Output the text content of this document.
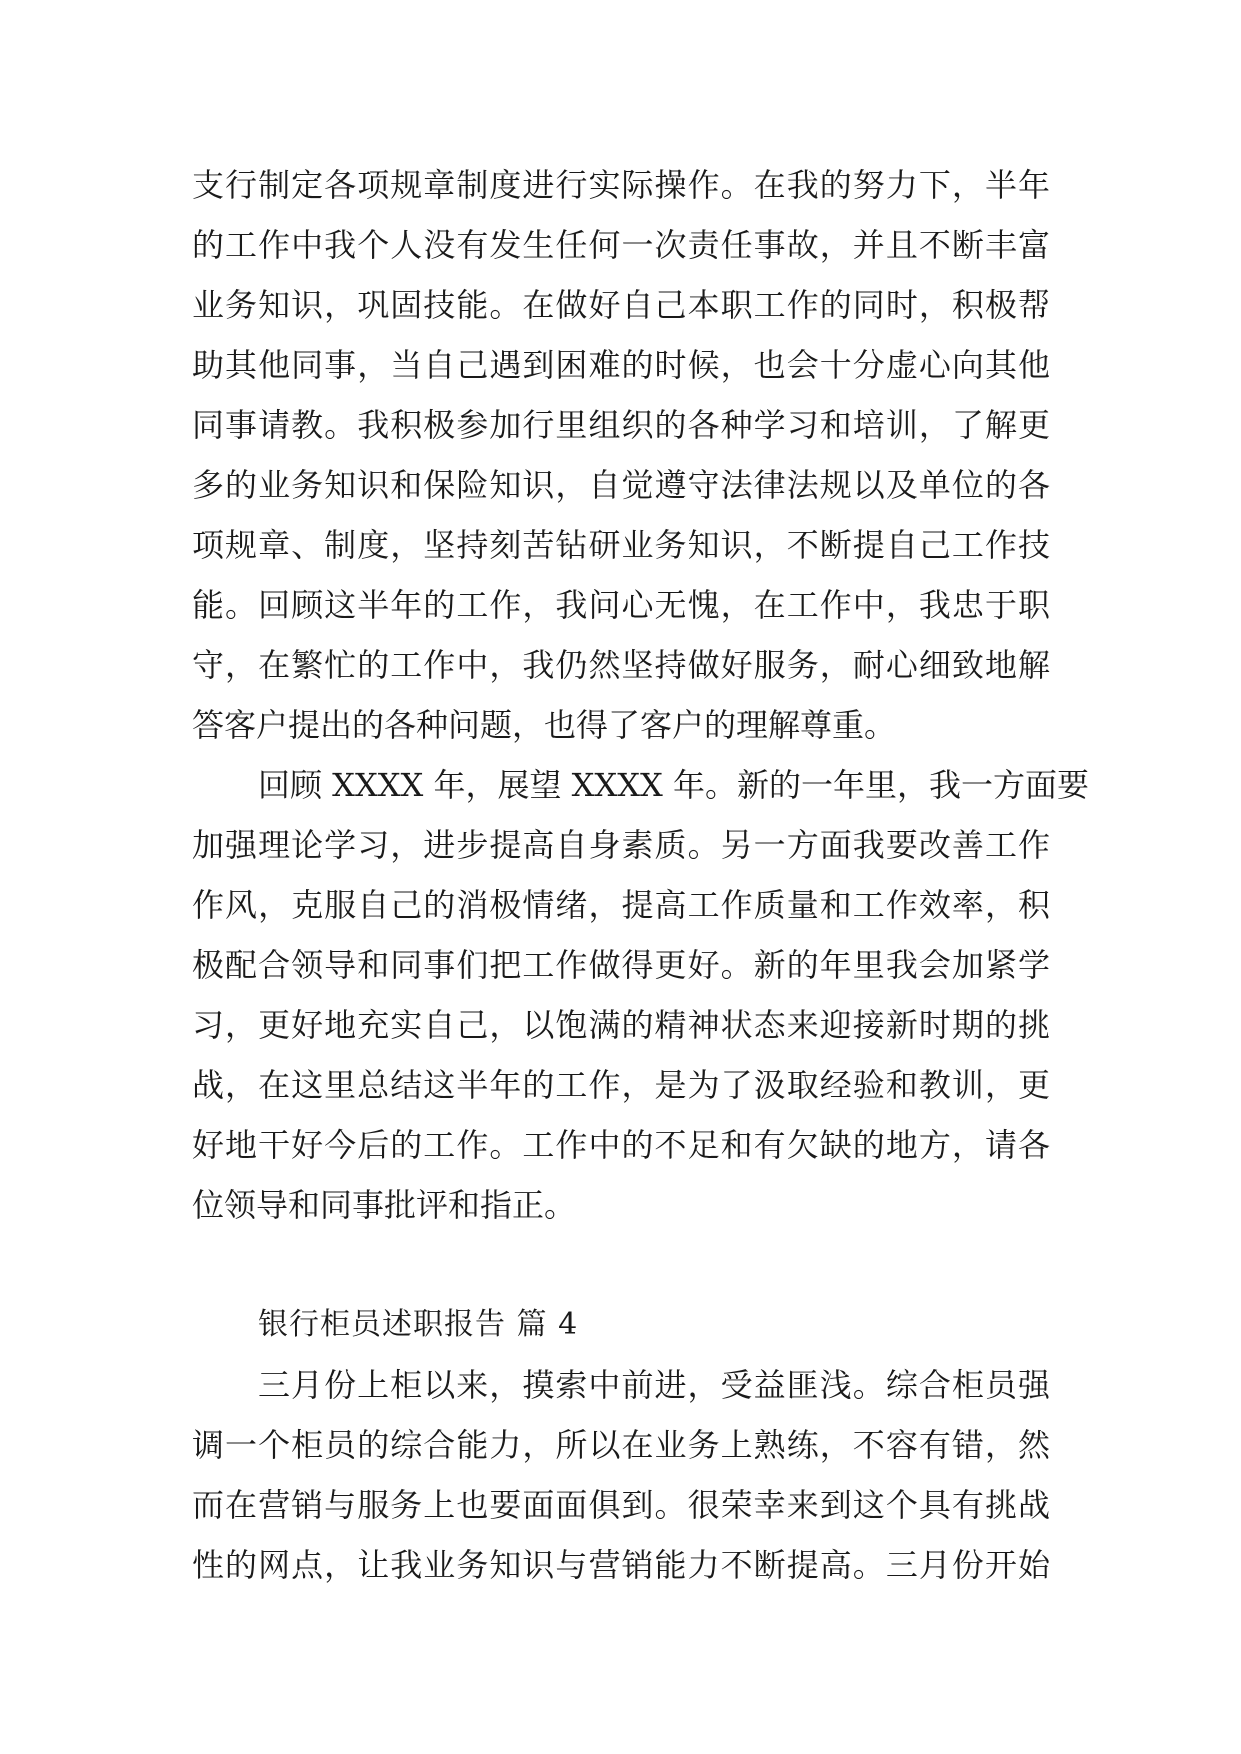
支行制定各项规章制度进行实际操作。在我的努力下，半年
的工作中我个人没有发生任何一次责任事故，并且不断丰富
业务知识，巩固技能。在做好自己本职工作的同时，积极帮
助其他同事，当自己遇到困难的时候，也会十分虚心向其他
同事请教。我积极参加行里组织的各种学习和培训，了解更
多的业务知识和保险知识，自觉遵守法律法规以及单位的各
项规章、制度，坚持刻苦钻研业务知识，不断提自己工作技
能。回顾这半年的工作，我问心无愧，在工作中，我忠于职
守，在繁忙的工作中，我仍然坚持做好服务，耐心细致地解
答客户提出的各种问题，也得了客户的理解尊重。
回顾 XXXX 年，展望 XXXX 年。新的一年里，我一方面要
加强理论学习，进步提高自身素质。另一方面我要改善工作
作风，克服自己的消极情绪，提高工作质量和工作效率，积
极配合领导和同事们把工作做得更好。新的年里我会加紧学
习，更好地充实自己，以饱满的精神状态来迎接新时期的挑
战，在这里总结这半年的工作，是为了汲取经验和教训，更
好地干好今后的工作。工作中的不足和有欠缺的地方，请各
位领导和同事批评和指正。
银行柜员述职报告 篇 4
三月份上柜以来，摸索中前进，受益匪浅。综合柜员强
调一个柜员的综合能力，所以在业务上熟练，不容有错，然
而在营销与服务上也要面面俱到。很荣幸来到这个具有挑战
性的网点，让我业务知识与营销能力不断提高。三月份开始
